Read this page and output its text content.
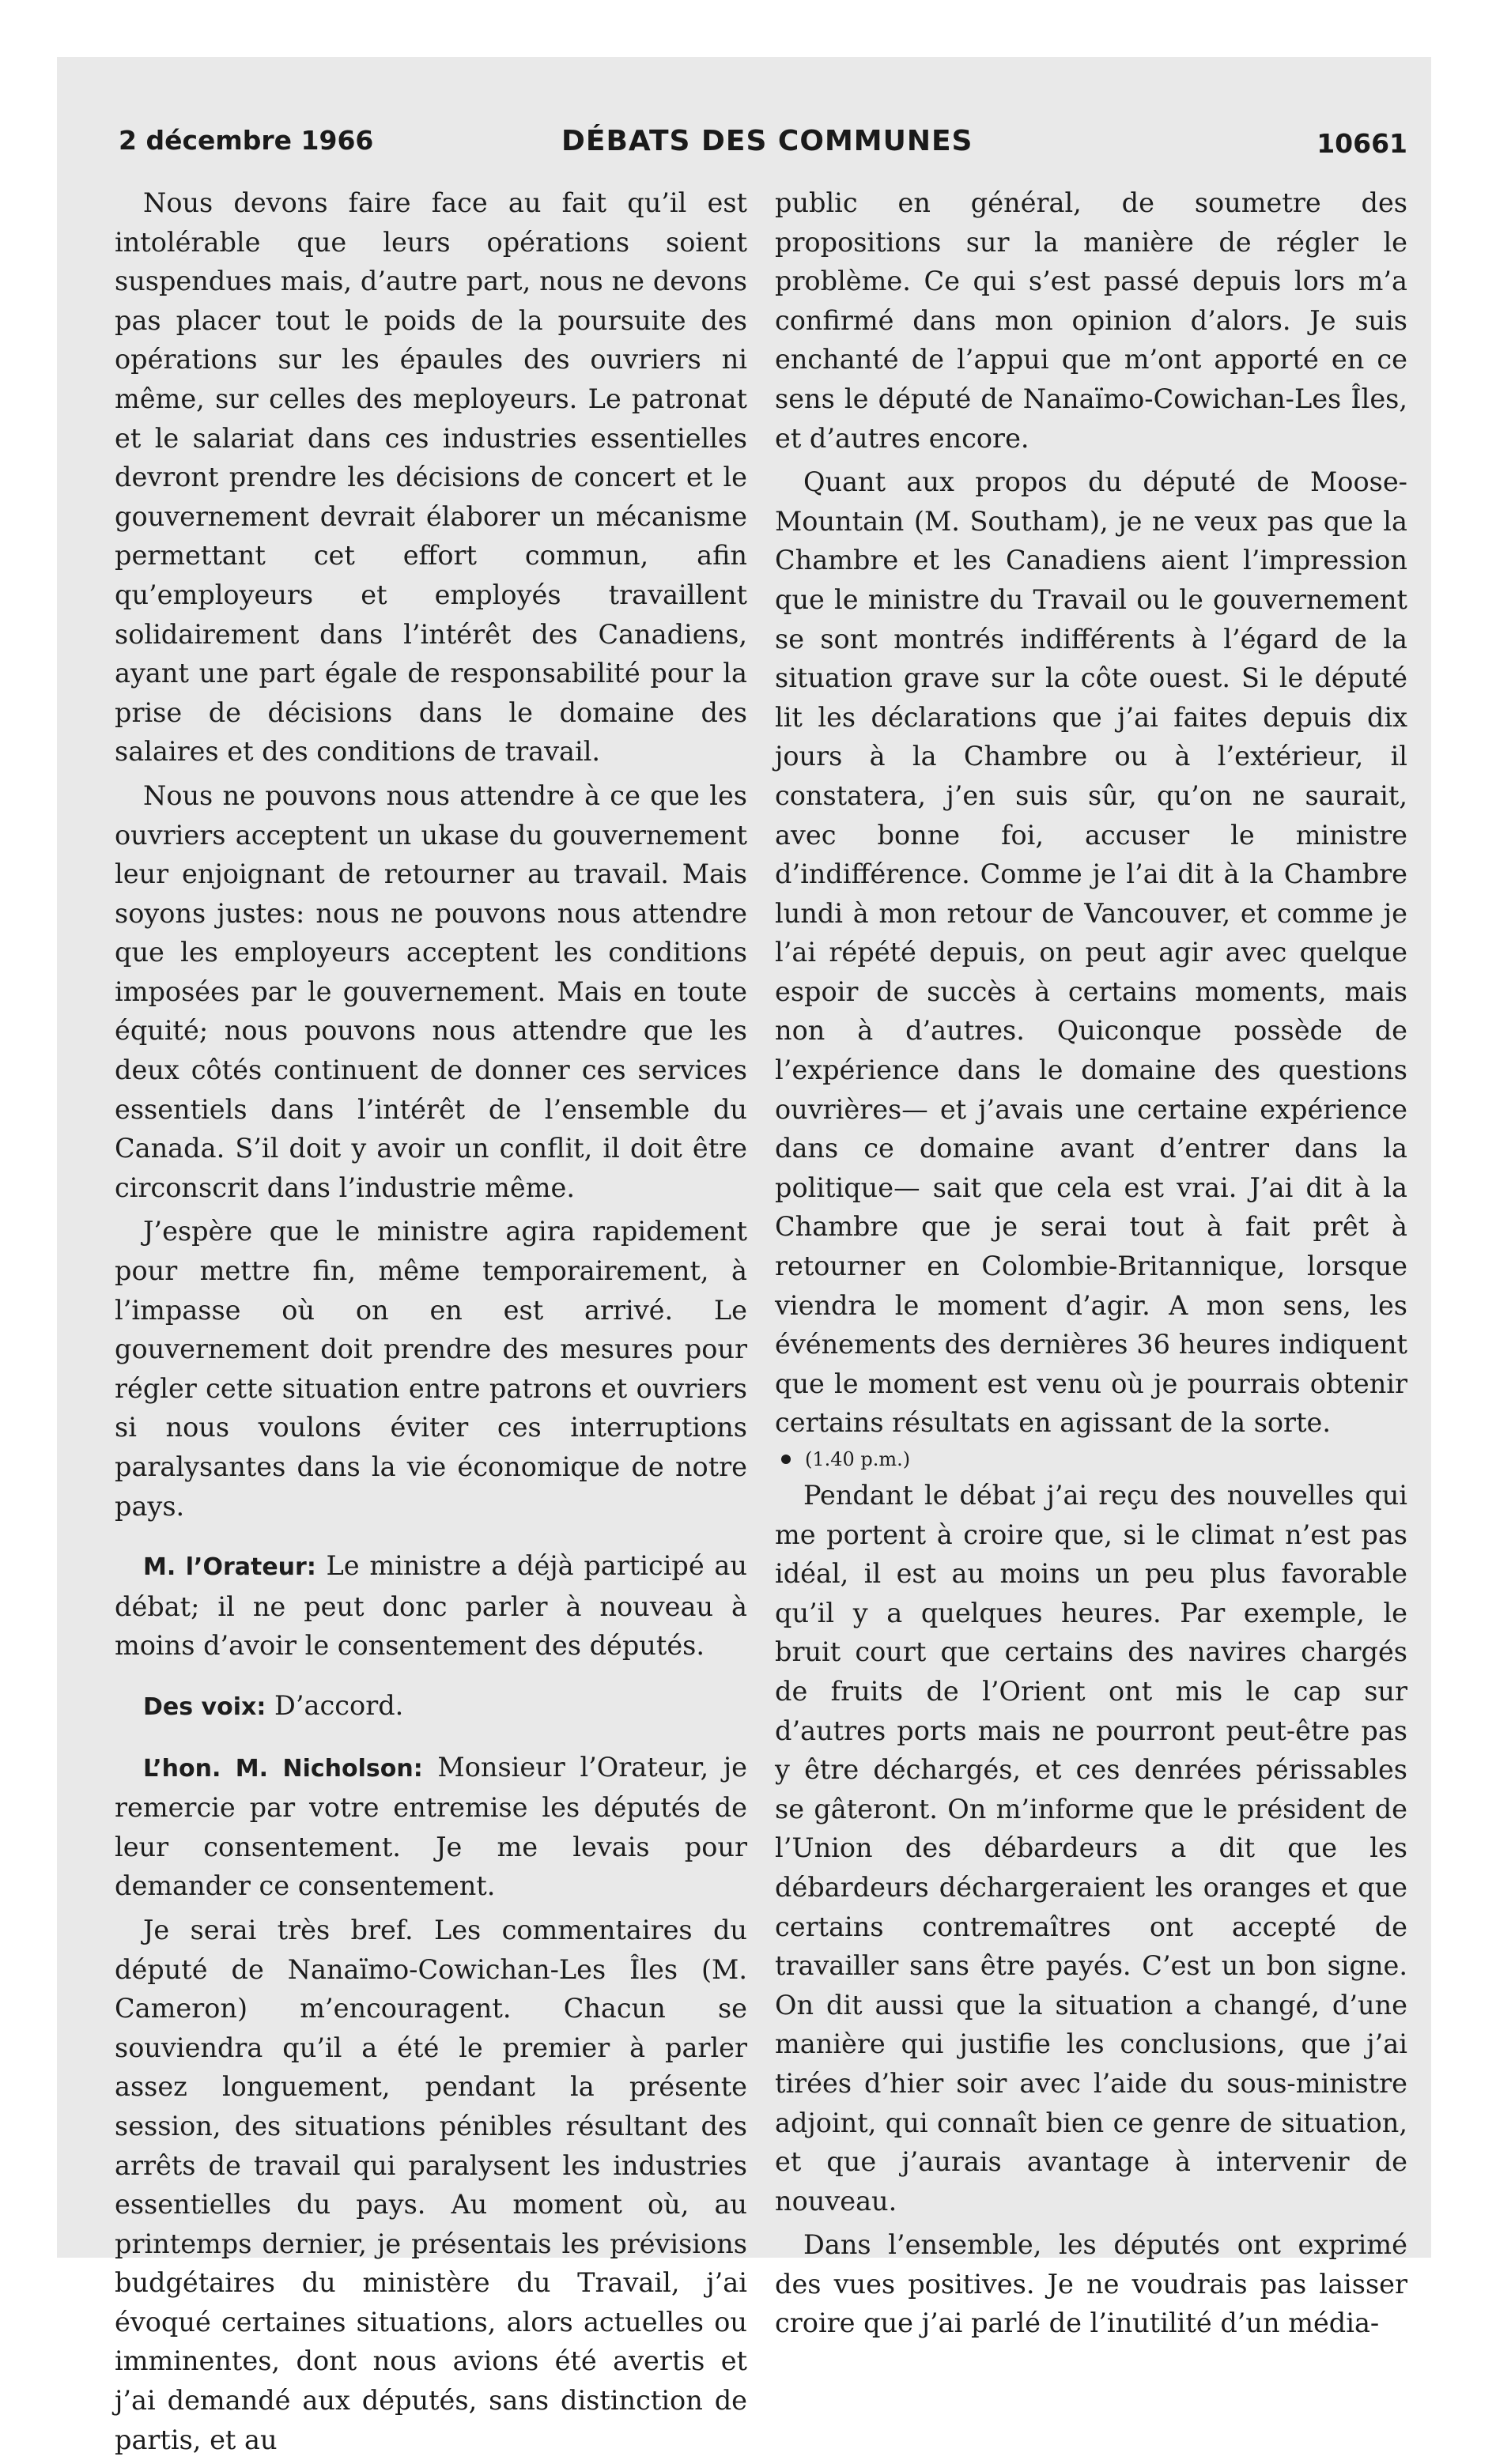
2 décembre 1966	DÉBATS DES COMMUNES	10661

Nous devons faire face au fait qu’il est intolérable que leurs opérations soient suspendues mais, d’autre part, nous ne devons pas placer tout le poids de la poursuite des opérations sur les épaules des ouvriers ni même, sur celles des meployeurs. Le patronat et le salariat dans ces industries essentielles devront prendre les décisions de concert et le gouvernement devrait élaborer un mécanisme permettant cet effort commun, afin qu’employeurs et employés travaillent solidairement dans l’intérêt des Canadiens, ayant une part égale de responsabilité pour la prise de décisions dans le domaine des salaires et des conditions de travail.

Nous ne pouvons nous attendre à ce que les ouvriers acceptent un ukase du gouvernement leur enjoignant de retourner au travail. Mais soyons justes: nous ne pouvons nous attendre que les employeurs acceptent les conditions imposées par le gouvernement. Mais en toute équité; nous pouvons nous attendre que les deux côtés continuent de donner ces services essentiels dans l’intérêt de l’ensemble du Canada. S’il doit y avoir un conflit, il doit être circonscrit dans l’industrie même.

J’espère que le ministre agira rapidement pour mettre fin, même temporairement, à l’impasse où on en est arrivé. Le gouvernement doit prendre des mesures pour régler cette situation entre patrons et ouvriers si nous voulons éviter ces interruptions paralysantes dans la vie économique de notre pays.

M. l’Orateur: Le ministre a déjà participé au débat; il ne peut donc parler à nouveau à moins d’avoir le consentement des députés.

Des voix: D’accord.

L’hon. M. Nicholson: Monsieur l’Orateur, je remercie par votre entremise les députés de leur consentement. Je me levais pour demander ce consentement.

Je serai très bref. Les commentaires du député de Nanaïmo-Cowichan-Les Îles (M. Cameron) m’encouragent. Chacun se souviendra qu’il a été le premier à parler assez longuement, pendant la présente session, des situations pénibles résultant des arrêts de travail qui paralysent les industries essentielles du pays. Au moment où, au printemps dernier, je présentais les prévisions budgétaires du ministère du Travail, j’ai évoqué certaines situations, alors actuelles ou imminentes, dont nous avions été avertis et j’ai demandé aux députés, sans distinction de partis, et au

public en général, de soumetre des propositions sur la manière de régler le problème. Ce qui s’est passé depuis lors m’a confirmé dans mon opinion d’alors. Je suis enchanté de l’appui que m’ont apporté en ce sens le député de Nanaïmo-Cowichan-Les Îles, et d’autres encore.

Quant aux propos du député de Moose-Mountain (M. Southam), je ne veux pas que la Chambre et les Canadiens aient l’impression que le ministre du Travail ou le gouvernement se sont montrés indifférents à l’égard de la situation grave sur la côte ouest. Si le député lit les déclarations que j’ai faites depuis dix jours à la Chambre ou à l’extérieur, il constatera, j’en suis sûr, qu’on ne saurait, avec bonne foi, accuser le ministre d’indifférence. Comme je l’ai dit à la Chambre lundi à mon retour de Vancouver, et comme je l’ai répété depuis, on peut agir avec quelque espoir de succès à certains moments, mais non à d’autres. Quiconque possède de l’expérience dans le domaine des questions ouvrières— et j’avais une certaine expérience dans ce domaine avant d’entrer dans la politique— sait que cela est vrai. J’ai dit à la Chambre que je serai tout à fait prêt à retourner en Colombie-Britannique, lorsque viendra le moment d’agir. A mon sens, les événements des dernières 36 heures indiquent que le moment est venu où je pourrais obtenir certains résultats en agissant de la sorte.

(1.40 p.m.)

Pendant le débat j’ai reçu des nouvelles qui me portent à croire que, si le climat n’est pas idéal, il est au moins un peu plus favorable qu’il y a quelques heures. Par exemple, le bruit court que certains des navires chargés de fruits de l’Orient ont mis le cap sur d’autres ports mais ne pourront peut-être pas y être déchargés, et ces denrées périssables se gâteront. On m’informe que le président de l’Union des débardeurs a dit que les débardeurs déchargeraient les oranges et que certains contremaîtres ont accepté de travailler sans être payés. C’est un bon signe. On dit aussi que la situation a changé, d’une manière qui justifie les conclusions, que j’ai tirées d’hier soir avec l’aide du sous-ministre adjoint, qui connaît bien ce genre de situation, et que j’aurais avantage à intervenir de nouveau.

Dans l’ensemble, les députés ont exprimé des vues positives. Je ne voudrais pas laisser croire que j’ai parlé de l’inutilité d’un média-
